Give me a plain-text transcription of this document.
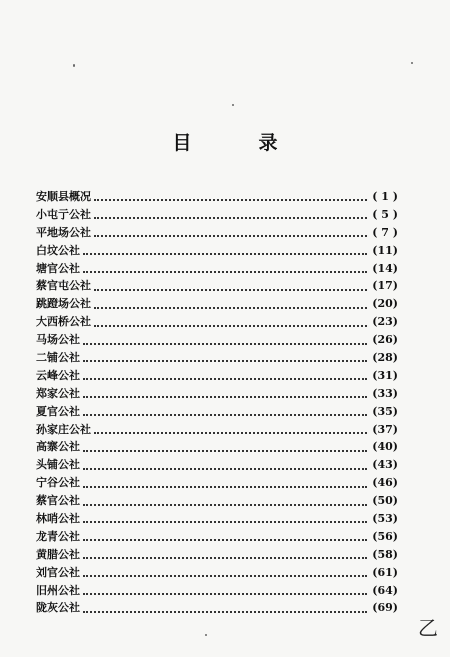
目　录
安顺县概况	( 1 )
小屯亍公社	( 5 )
平地场公社	( 7 )
白坟公社	(11)
塘官公社	(14)
蔡官屯公社	(17)
跳蹬场公社	(20)
大西桥公社	(23)
马场公社	(26)
二铺公社	(28)
云峰公社	(31)
郑家公社	(33)
夏官公社	(35)
孙家庄公社	(37)
高寨公社	(40)
头铺公社	(43)
宁谷公社	(46)
蔡官公社	(50)
林哨公社	(53)
龙青公社	(56)
黄腊公社	(58)
刘官公社	(61)
旧州公社	(64)
陇灰公社	(69)
乙
